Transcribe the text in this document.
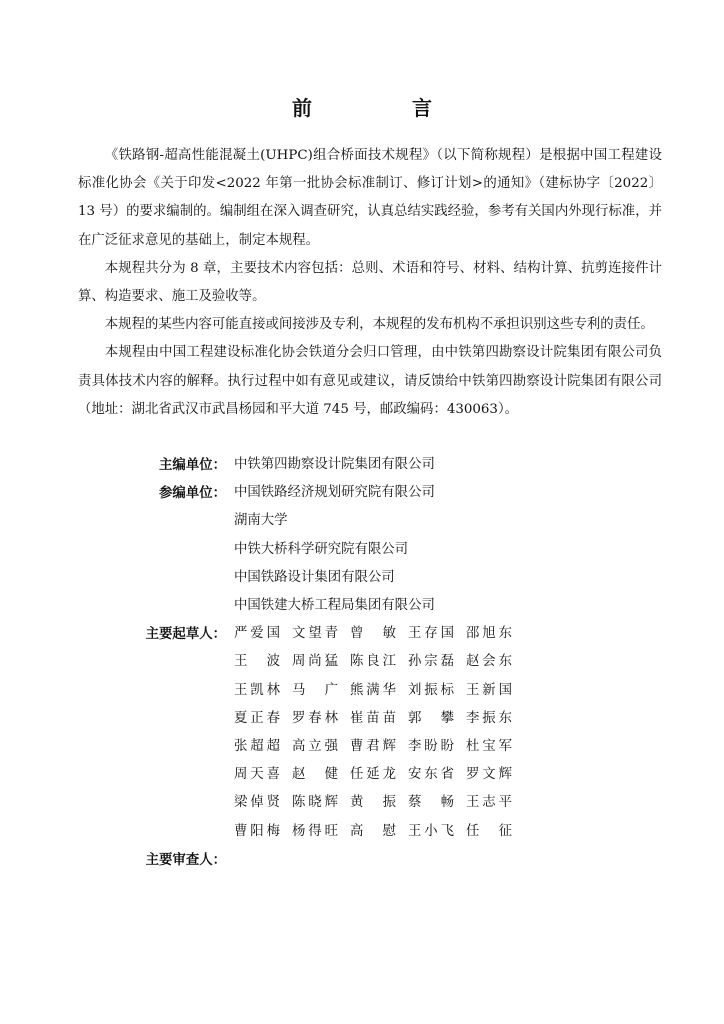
前　言

《铁路钢-超高性能混凝土(UHPC)组合桥面技术规程》（以下简称规程）是根据中国工程建设标准化协会《关于印发<2022 年第一批协会标准制订、修订计划>的通知》（建标协字〔2022〕13 号）的要求编制的。编制组在深入调查研究，认真总结实践经验，参考有关国内外现行标准，并在广泛征求意见的基础上，制定本规程。

本规程共分为 8 章，主要技术内容包括：总则、术语和符号、材料、结构计算、抗剪连接件计算、构造要求、施工及验收等。

本规程的某些内容可能直接或间接涉及专利，本规程的发布机构不承担识别这些专利的责任。

本规程由中国工程建设标准化协会铁道分会归口管理，由中铁第四勘察设计院集团有限公司负责具体技术内容的解释。执行过程中如有意见或建议，请反馈给中铁第四勘察设计院集团有限公司（地址：湖北省武汉市武昌杨园和平大道 745 号，邮政编码：430063）。

主编单位： 中铁第四勘察设计院集团有限公司
参编单位： 中国铁路经济规划研究院有限公司
湖南大学
中铁大桥科学研究院有限公司
中国铁路设计集团有限公司
中国铁建大桥工程局集团有限公司
主要起草人： 严爱国 文望青 曾　敏 王存国 邵旭东
王　波 周尚猛 陈良江 孙宗磊 赵会东
王凯林 马　广 熊满华 刘振标 王新国
夏正春 罗春林 崔苗苗 郭　攀 李振东
张超超 高立强 曹君辉 李盼盼 杜宝军
周天喜 赵　健 任延龙 安东省 罗文辉
梁倬贤 陈晓辉 黄　振 蔡　畅 王志平
曹阳梅 杨得旺 高　慰 王小飞 任　征
主要审查人：
